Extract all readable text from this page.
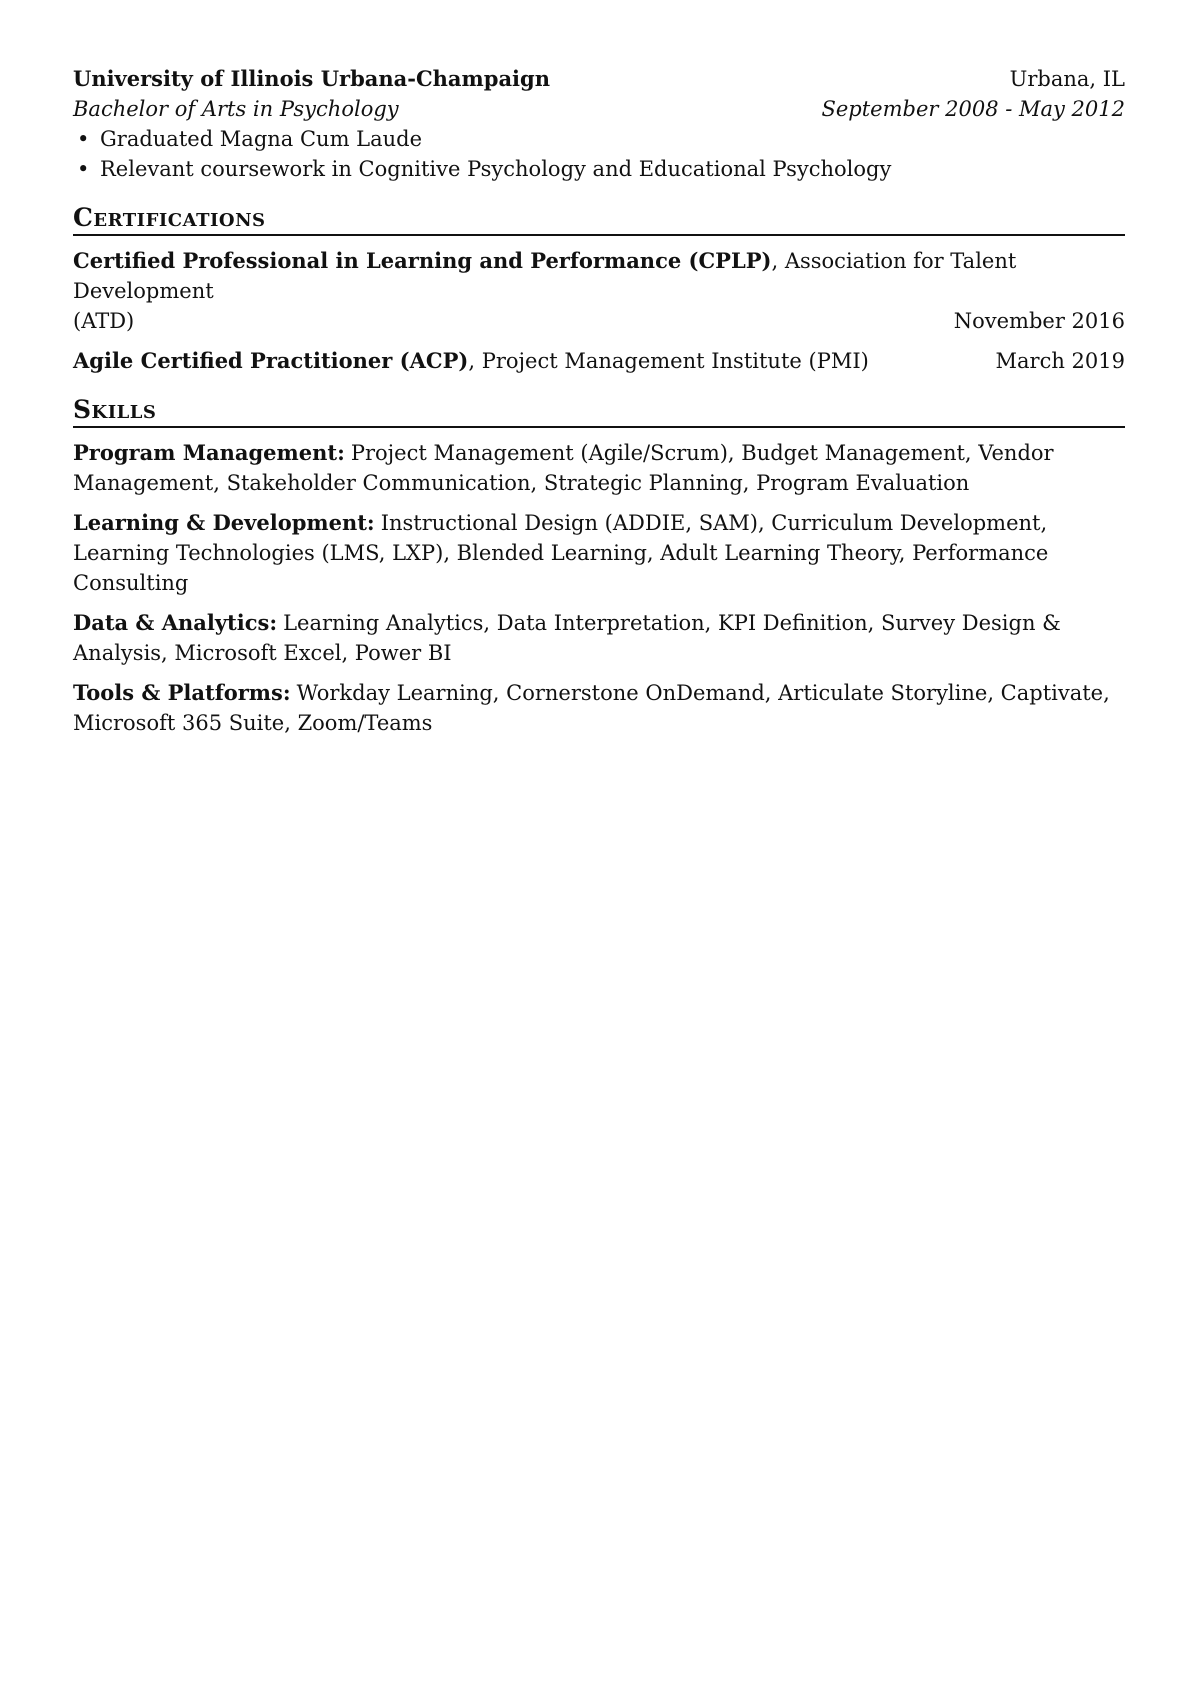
University of Illinois Urbana-Champaign	Urbana, IL
Bachelor of Arts in Psychology	September 2008 - May 2012
• Graduated Magna Cum Laude
• Relevant coursework in Cognitive Psychology and Educational Psychology
Certifications
Certified Professional in Learning and Performance (CPLP), Association for Talent Development
(ATD)	November 2016
Agile Certified Practitioner (ACP), Project Management Institute (PMI)	March 2019
Skills
Program Management: Project Management (Agile/Scrum), Budget Management, Vendor Management, Stakeholder Communication, Strategic Planning, Program Evaluation
Learning & Development: Instructional Design (ADDIE, SAM), Curriculum Development, Learning Technologies (LMS, LXP), Blended Learning, Adult Learning Theory, Performance Consulting
Data & Analytics: Learning Analytics, Data Interpretation, KPI Definition, Survey Design & Analysis, Microsoft Excel, Power BI
Tools & Platforms: Workday Learning, Cornerstone OnDemand, Articulate Storyline, Captivate, Microsoft 365 Suite, Zoom/Teams
